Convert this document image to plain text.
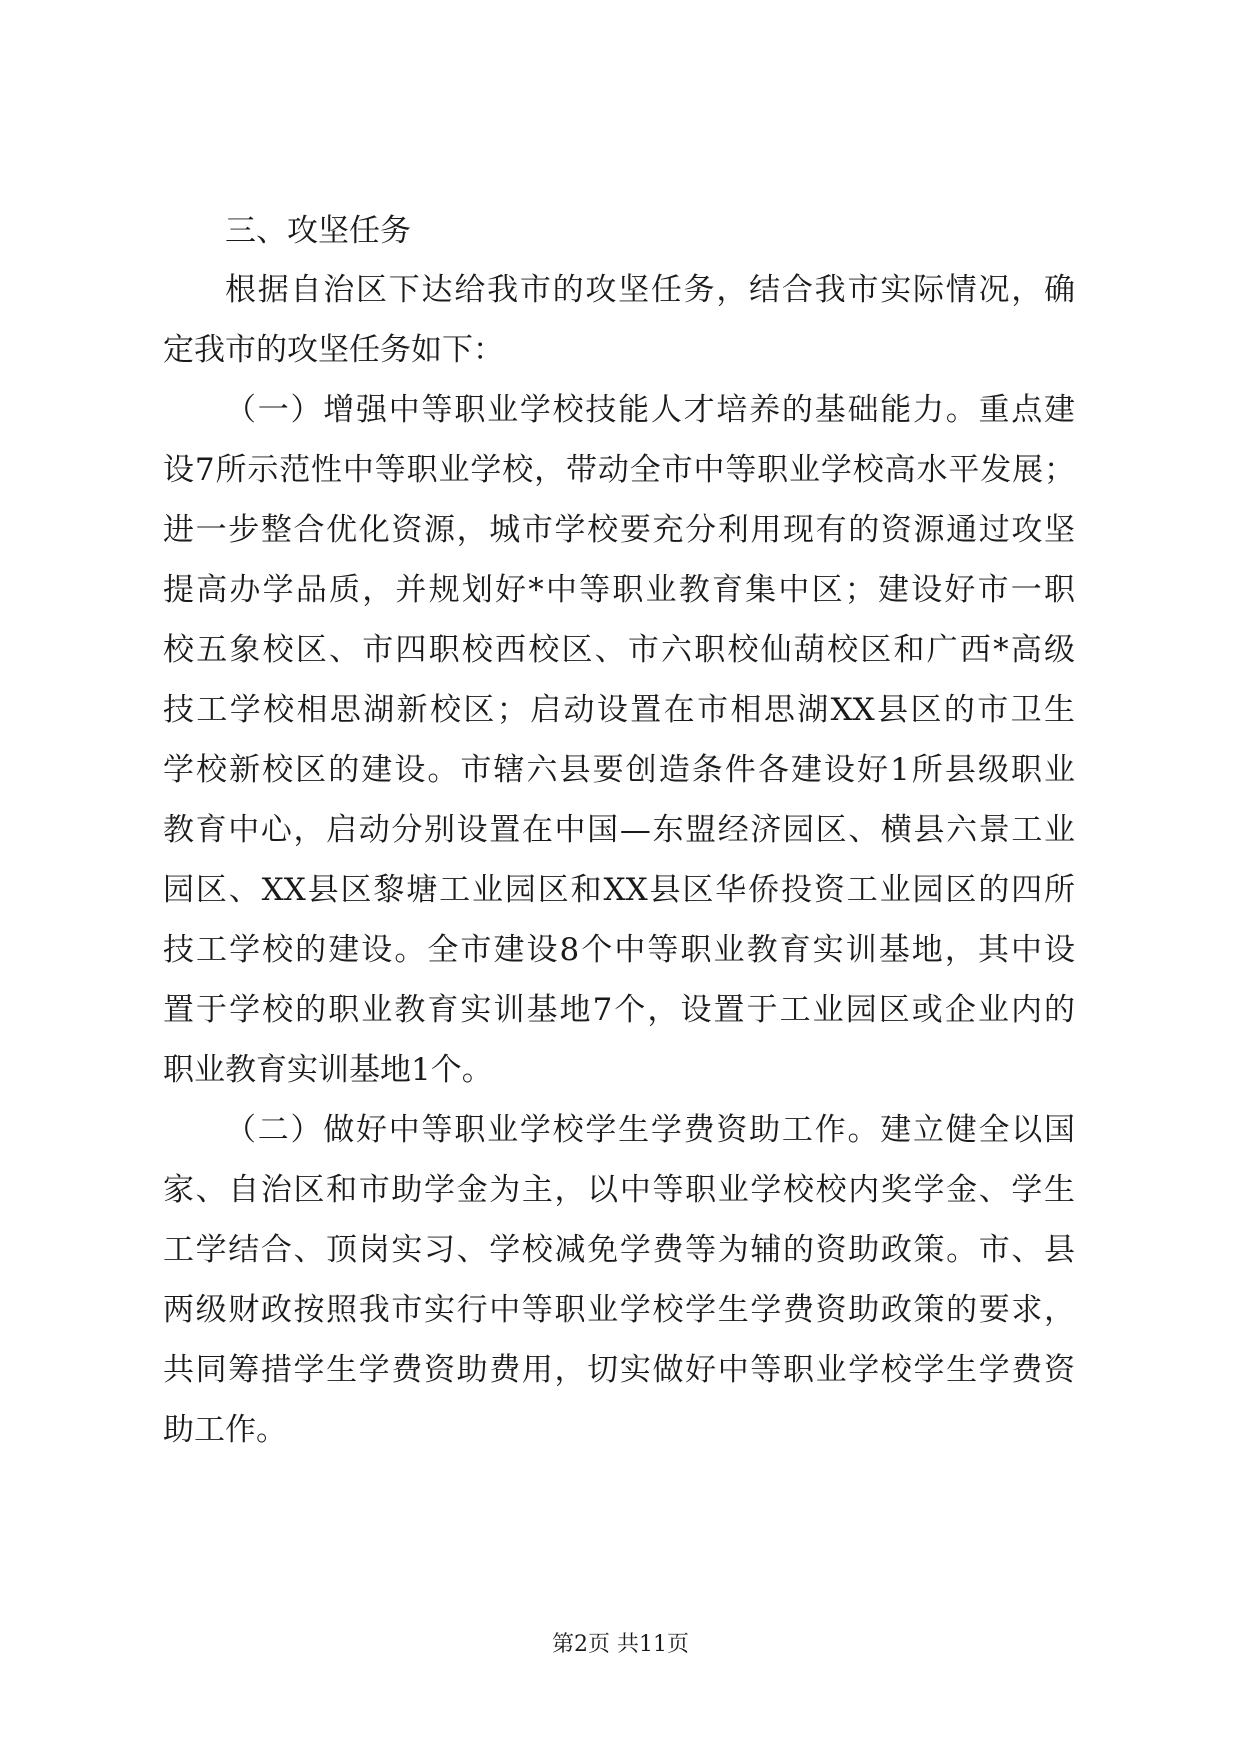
三、攻坚任务
根据自治区下达给我市的攻坚任务，结合我市实际情况，确
定我市的攻坚任务如下：
（一）增强中等职业学校技能人才培养的基础能力。重点建
设7所示范性中等职业学校，带动全市中等职业学校高水平发展；
进一步整合优化资源，城市学校要充分利用现有的资源通过攻坚
提高办学品质，并规划好*中等职业教育集中区；建设好市一职
校五象校区、市四职校西校区、市六职校仙葫校区和广西*高级
技工学校相思湖新校区；启动设置在市相思湖XX县区的市卫生
学校新校区的建设。市辖六县要创造条件各建设好1所县级职业
教育中心，启动分别设置在中国—东盟经济园区、横县六景工业
园区、XX县区黎塘工业园区和XX县区华侨投资工业园区的四所
技工学校的建设。全市建设8个中等职业教育实训基地，其中设
置于学校的职业教育实训基地7个，设置于工业园区或企业内的
职业教育实训基地1个。
（二）做好中等职业学校学生学费资助工作。建立健全以国
家、自治区和市助学金为主，以中等职业学校校内奖学金、学生
工学结合、顶岗实习、学校减免学费等为辅的资助政策。市、县
两级财政按照我市实行中等职业学校学生学费资助政策的要求，
共同筹措学生学费资助费用，切实做好中等职业学校学生学费资
助工作。
第2页 共11页
